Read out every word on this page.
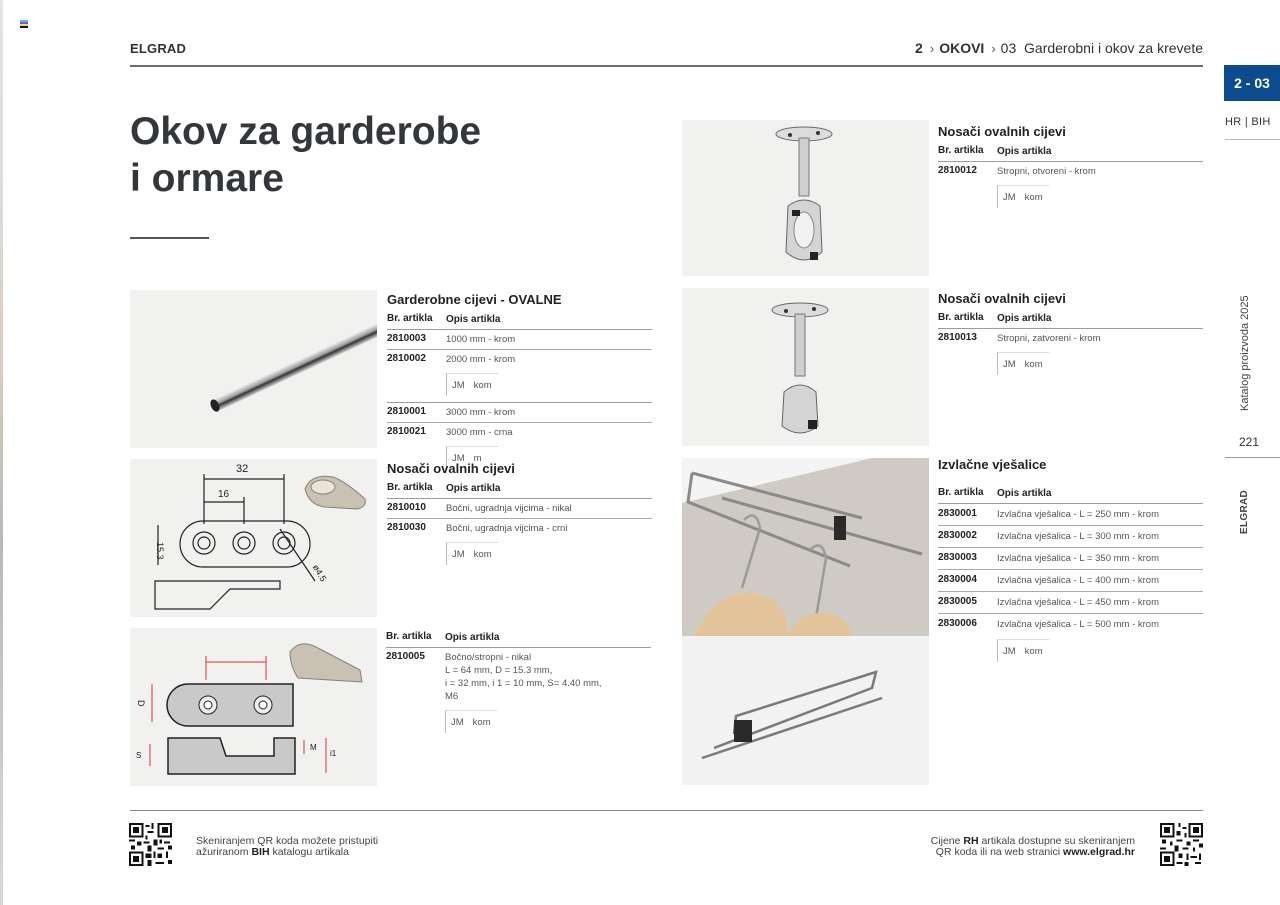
ELGRAD	2 › OKOVI › 03 Garderobni i okov za krevete
2 - 03
HR | BIH
Katalog proizvoda 2025
221
ELGRAD
Okov za garderobe
i ormare
32
16
15.3
ø4.5
D
M
S	i1
Garderobne cijevi - OVALNE
Br. artikla	Opis artikla
2810003	1000 mm - krom
2810002	2000 mm - krom
JM kom
2810001	3000 mm - krom
2810021	3000 mm - crna
JM m
Nosači ovalnih cijevi
Br. artikla	Opis artikla
2810010	Bočni, ugradnja vijcima - nikal
2810030	Bočni, ugradnja vijcima - crni
JM kom
Br. artikla	Opis artikla
2810005	Bočno/stropni - nikal
L = 64 mm, D = 15.3 mm,
i = 32 mm, i 1 = 10 mm, S= 4.40 mm,
M6
JM kom
Nosači ovalnih cijevi
Br. artikla	Opis artikla
2810012	Stropni, otvoreni - krom
JM kom
Nosači ovalnih cijevi
Br. artikla	Opis artikla
2810013	Stropni, zatvoreni - krom
JM kom
Izvlačne vješalice
Br. artikla	Opis artikla
2830001	Izvlačna vješalica - L = 250 mm - krom
2830002	Izvlačna vješalica - L = 300 mm - krom
2830003	Izvlačna vješalica - L = 350 mm - krom
2830004	Izvlačna vješalica - L = 400 mm - krom
2830005	Izvlačna vješalica - L = 450 mm - krom
2830006	Izvlačna vješalica - L = 500 mm - krom
JM kom
Skeniranjem QR koda možete pristupiti
ažuriranom BIH katalogu artikala
Cijene RH artikala dostupne su skeniranjem
QR koda ili na web stranici www.elgrad.hr
